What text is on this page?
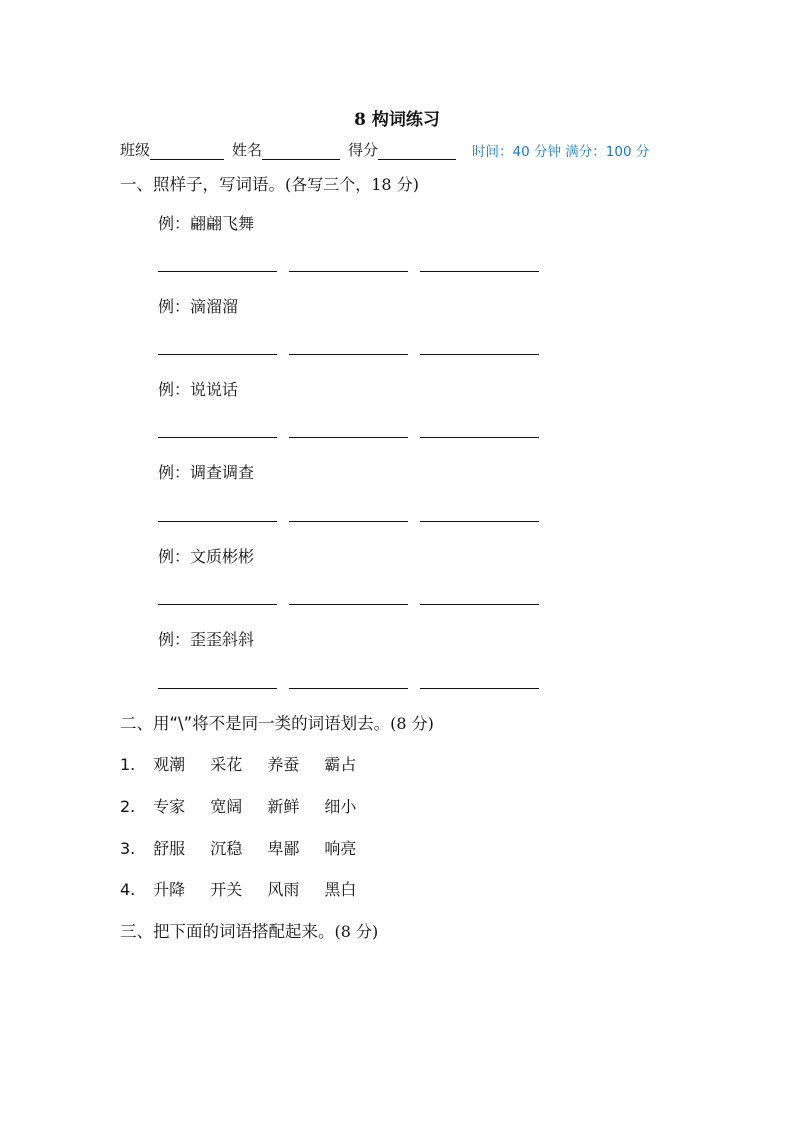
8 构词练习
班级	姓名	得分	时间：40 分钟 满分：100 分
一、照样子，写词语。(各写三个，18 分)
例：翩翩飞舞
例：滴溜溜
例：说说话
例：调查调查
例：文质彬彬
例：歪歪斜斜
二、用“\”将不是同一类的词语划去。(8 分)
1. 观潮 采花 养蚕 霸占
2. 专家 宽阔 新鲜 细小
3. 舒服 沉稳 卑鄙 响亮
4. 升降 开关 风雨 黑白
三、把下面的词语搭配起来。(8 分)
